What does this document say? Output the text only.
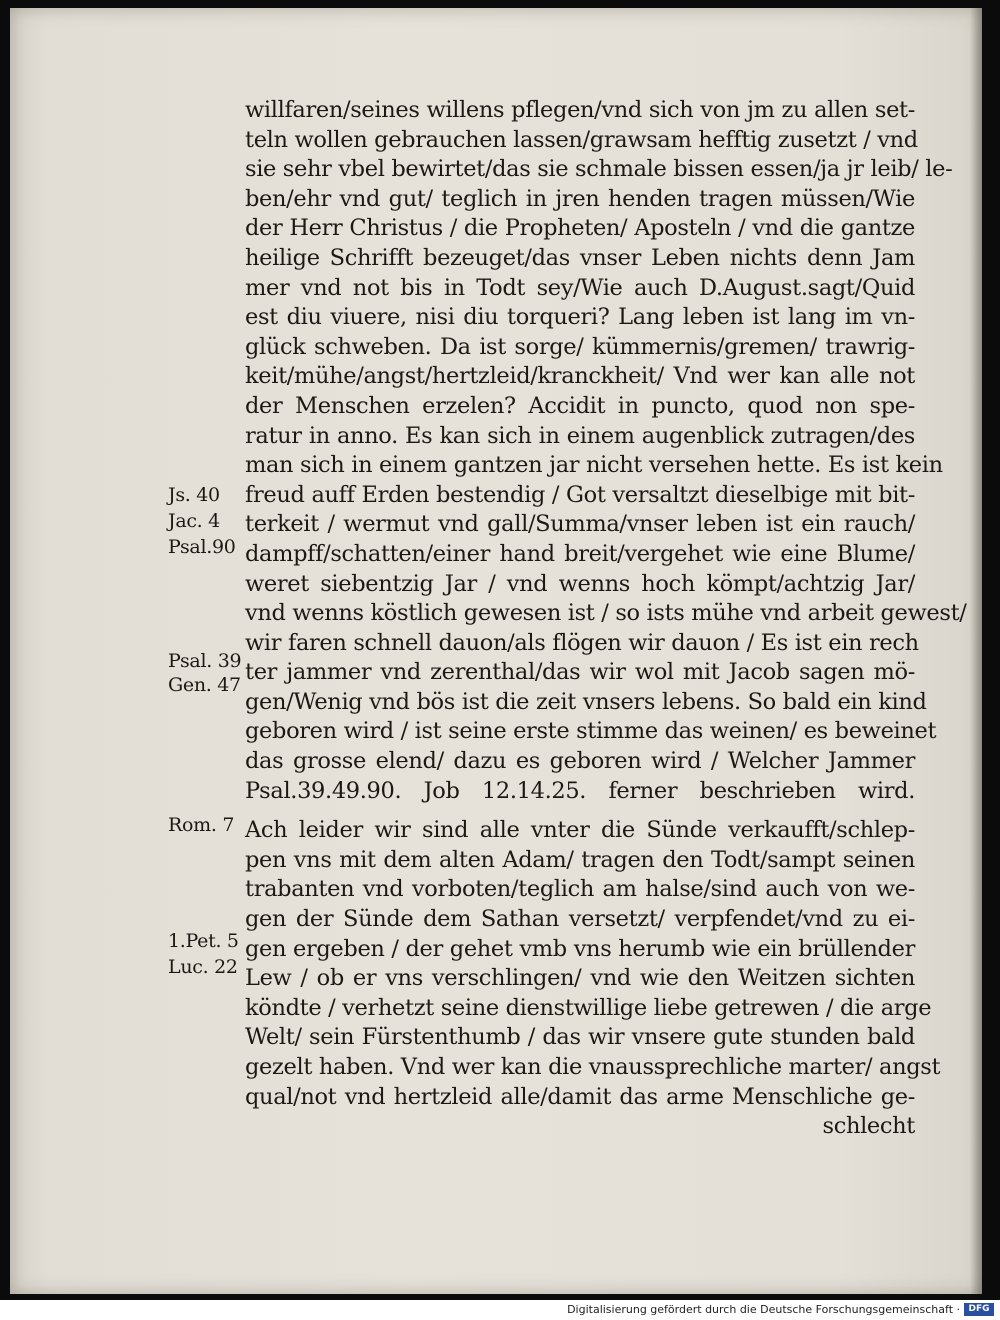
willfaren/seines willens pflegen/vnd sich von jm zu allen set-
teln wollen gebrauchen lassen/grawsam hefftig zusetzt / vnd
sie sehr vbel bewirtet/das sie schmale bissen essen/ja jr leib/ le-
ben/ehr vnd gut/ teglich in jren henden tragen müssen/Wie
der Herr Christus / die Propheten/ Aposteln / vnd die gantze
heilige Schrifft bezeuget/das vnser Leben nichts denn Jam
mer vnd not bis in Todt sey/Wie auch D.August.sagt/Quid
est diu viuere, nisi diu torqueri? Lang leben ist lang im vn-
glück schweben. Da ist sorge/ kümmernis/gremen/ trawrig-
keit/mühe/angst/hertzleid/kranckheit/ Vnd wer kan alle not
der Menschen erzelen? Accidit in puncto, quod non spe-
ratur in anno. Es kan sich in einem augenblick zutragen/des
man sich in einem gantzen jar nicht versehen hette. Es ist kein
freud auff Erden bestendig / Got versaltzt dieselbige mit bit-
terkeit / wermut vnd gall/Summa/vnser leben ist ein rauch/
dampff/schatten/einer hand breit/vergehet wie eine Blume/
weret siebentzig Jar / vnd wenns hoch kömpt/achtzig Jar/
vnd wenns köstlich gewesen ist / so ists mühe vnd arbeit gewest/
wir faren schnell dauon/als flögen wir dauon / Es ist ein rech
ter jammer vnd zerenthal/das wir wol mit Jacob sagen mö-
gen/Wenig vnd bös ist die zeit vnsers lebens. So bald ein kind
geboren wird / ist seine erste stimme das weinen/ es beweinet
das grosse elend/ dazu es geboren wird / Welcher Jammer
Psal.39.49.90. Job 12.14.25. ferner beschrieben wird.
Ach leider wir sind alle vnter die Sünde verkaufft/schlep-
pen vns mit dem alten Adam/ tragen den Todt/sampt seinen
trabanten vnd vorboten/teglich am halse/sind auch von we-
gen der Sünde dem Sathan versetzt/ verpfendet/vnd zu ei-
gen ergeben / der gehet vmb vns herumb wie ein brüllender
Lew / ob er vns verschlingen/ vnd wie den Weitzen sichten
köndte / verhetzt seine dienstwillige liebe getrewen / die arge
Welt/ sein Fürstenthumb / das wir vnsere gute stunden bald
gezelt haben. Vnd wer kan die vnaussprechliche marter/ angst
qual/not vnd hertzleid alle/damit das arme Menschliche ge-
schlecht
Js. 40
Jac. 4
Psal.90
Psal. 39
Gen. 47
Rom. 7
1.Pet. 5
Luc. 22
Digitalisierung gefördert durch die Deutsche Forschungsgemeinschaft · DFG
